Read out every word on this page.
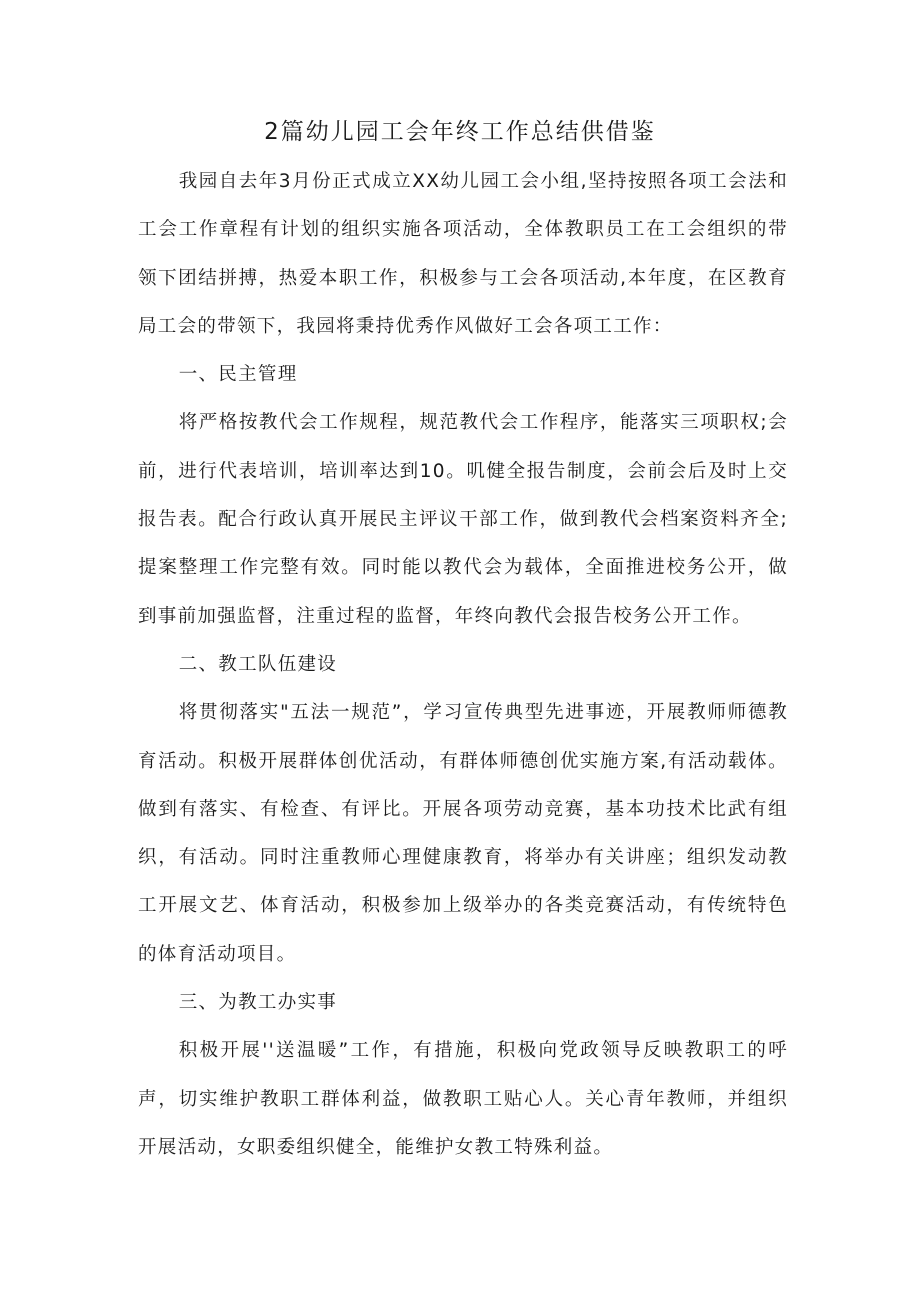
2篇幼儿园工会年终工作总结供借鉴

我园自去年3月份正式成立XX幼儿园工会小组,坚持按照各项工会法和工会工作章程有计划的组织实施各项活动，全体教职员工在工会组织的带领下团结拼搏，热爱本职工作，积极参与工会各项活动,本年度，在区教育局工会的带领下，我园将秉持优秀作风做好工会各项工工作：

一、民主管理

将严格按教代会工作规程，规范教代会工作程序，能落实三项职权;会前，进行代表培训，培训率达到10。叽健全报告制度，会前会后及时上交报告表。配合行政认真开展民主评议干部工作，做到教代会档案资料齐全;提案整理工作完整有效。同时能以教代会为载体，全面推进校务公开，做到事前加强监督，注重过程的监督，年终向教代会报告校务公开工作。

二、教工队伍建设

将贯彻落实"五法一规范”，学习宣传典型先进事迹，开展教师师德教育活动。积极开展群体创优活动，有群体师德创优实施方案,有活动载体。做到有落实、有检查、有评比。开展各项劳动竞赛，基本功技术比武有组织，有活动。同时注重教师心理健康教育，将举办有关讲座；组织发动教工开展文艺、体育活动，积极参加上级举办的各类竞赛活动，有传统特色的体育活动项目。

三、为教工办实事

积极开展''送温暖”工作，有措施，积极向党政领导反映教职工的呼声，切实维护教职工群体利益，做教职工贴心人。关心青年教师，并组织开展活动，女职委组织健全，能维护女教工特殊利益。
